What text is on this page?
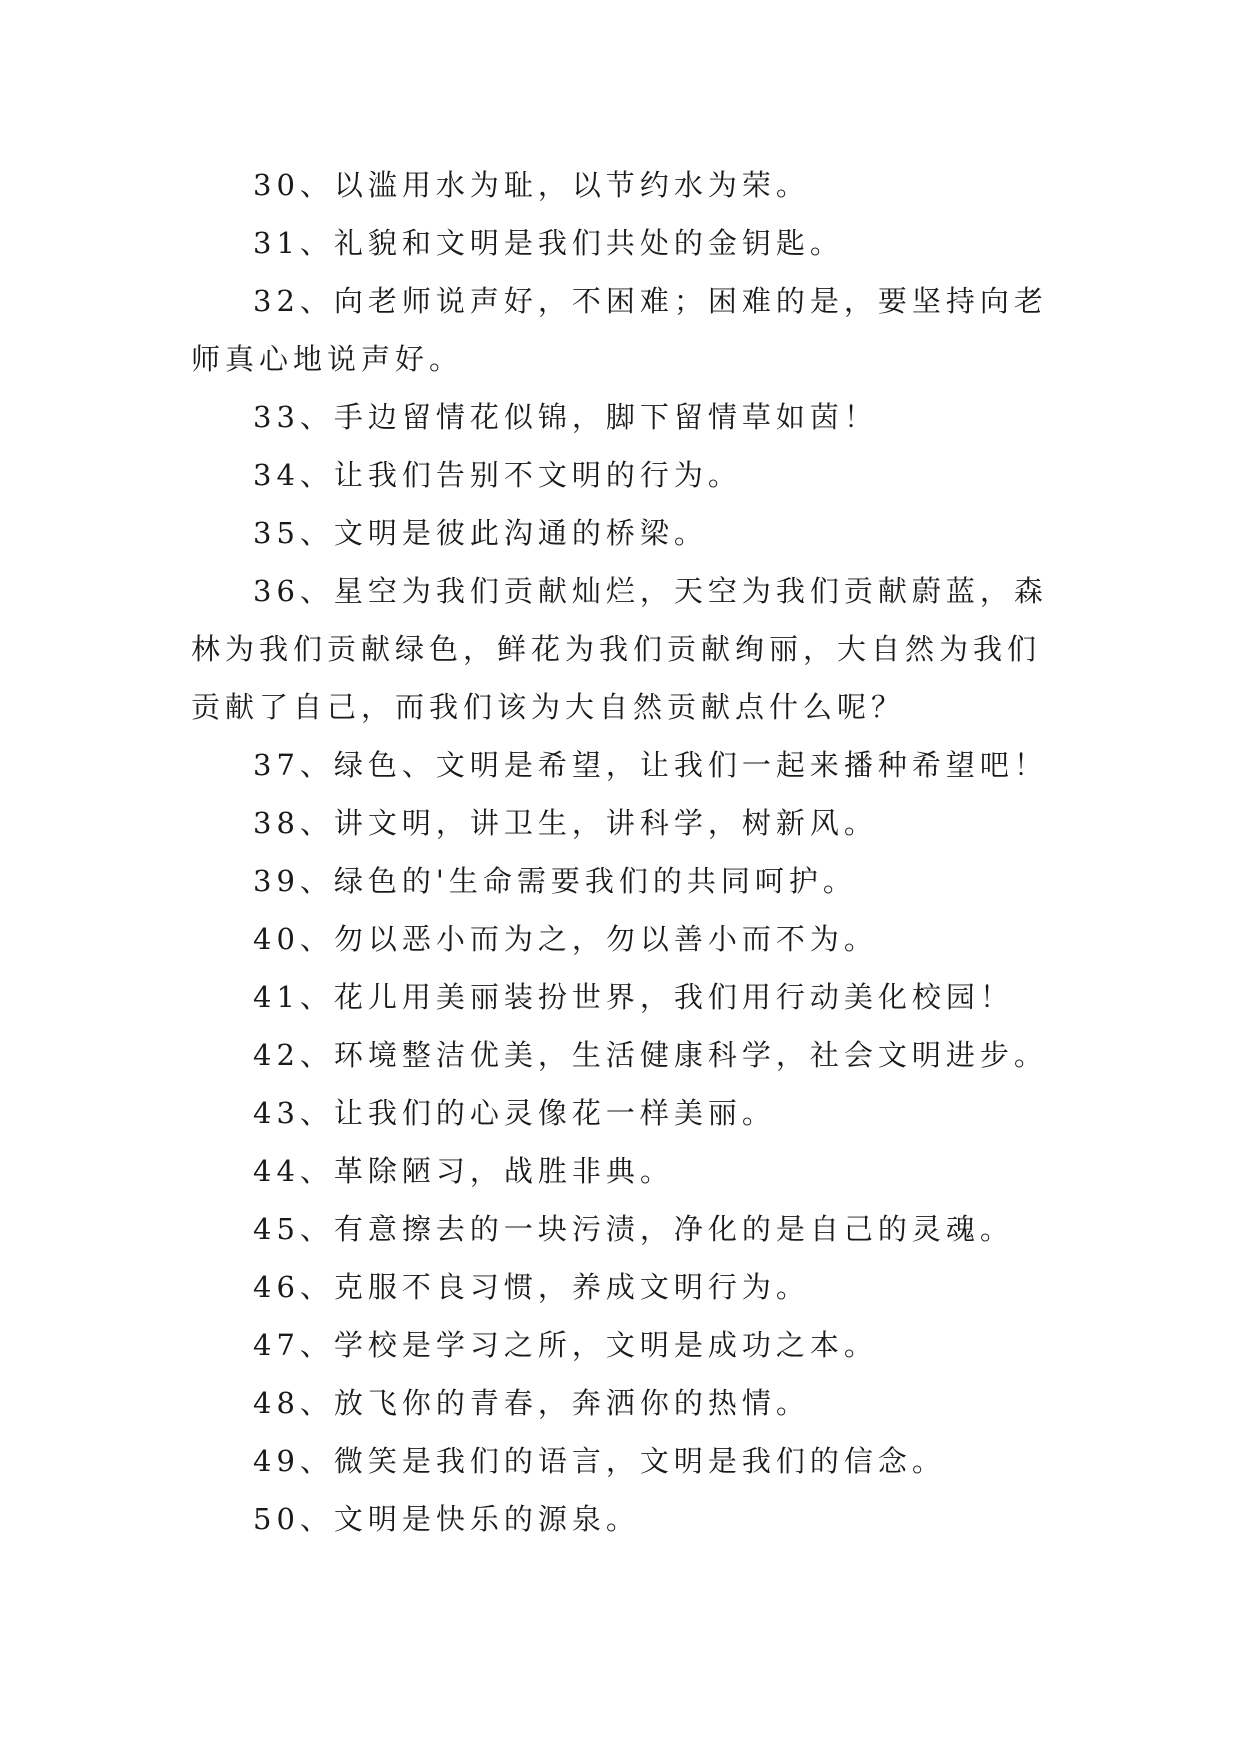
30、以滥用水为耻，以节约水为荣。

31、礼貌和文明是我们共处的金钥匙。

32、向老师说声好，不困难；困难的是，要坚持向老师真心地说声好。

33、手边留情花似锦，脚下留情草如茵！

34、让我们告别不文明的行为。

35、文明是彼此沟通的桥梁。

36、星空为我们贡献灿烂，天空为我们贡献蔚蓝，森林为我们贡献绿色，鲜花为我们贡献绚丽，大自然为我们贡献了自己，而我们该为大自然贡献点什么呢？

37、绿色、文明是希望，让我们一起来播种希望吧！

38、讲文明，讲卫生，讲科学，树新风。

39、绿色的'生命需要我们的共同呵护。

40、勿以恶小而为之，勿以善小而不为。

41、花儿用美丽装扮世界，我们用行动美化校园！

42、环境整洁优美，生活健康科学，社会文明进步。

43、让我们的心灵像花一样美丽。

44、革除陋习，战胜非典。

45、有意擦去的一块污渍，净化的是自己的灵魂。

46、克服不良习惯，养成文明行为。

47、学校是学习之所，文明是成功之本。

48、放飞你的青春，奔洒你的热情。

49、微笑是我们的语言，文明是我们的信念。

50、文明是快乐的源泉。
